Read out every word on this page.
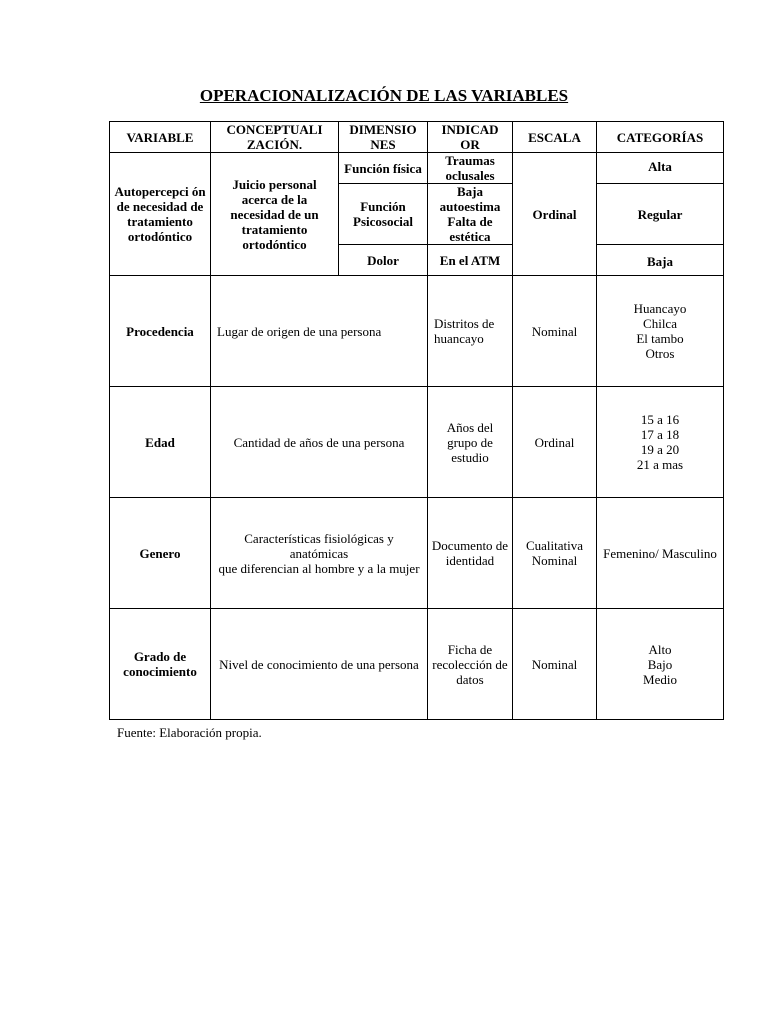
OPERACIONALIZACIÓN DE LAS VARIABLES
VARIABLE	CONCEPTUALI ZACIÓN.	DIMENSIO NES	INDICAD OR	ESCALA	CATEGORÍAS
Autopercepci ón de necesidad de tratamiento ortodóntico	Juicio personal acerca de la necesidad de un tratamiento ortodóntico	Función física	Traumas oclusales	Ordinal	Alta
		Función Psicosocial	Baja autoestima Falta de estética		Regular
		Dolor	En el ATM		Baja
Procedencia	Lugar de origen de una persona		Distritos de huancayo	Nominal	Huancayo
Chilca
El tambo
Otros

Edad	Cantidad de años de una persona		Años del grupo de estudio	Ordinal	15 a 16
17 a 18
19 a 20
21 a mas

Genero	Características fisiológicas y anatómicas
que diferencian al hombre y a la mujer		Documento de identidad	Cualitativa Nominal	Femenino/ Masculino
Grado de conocimiento	Nivel de conocimiento de una persona		Ficha de recolección de datos	Nominal	Alto
Bajo
Medio
Fuente: Elaboración propia.
